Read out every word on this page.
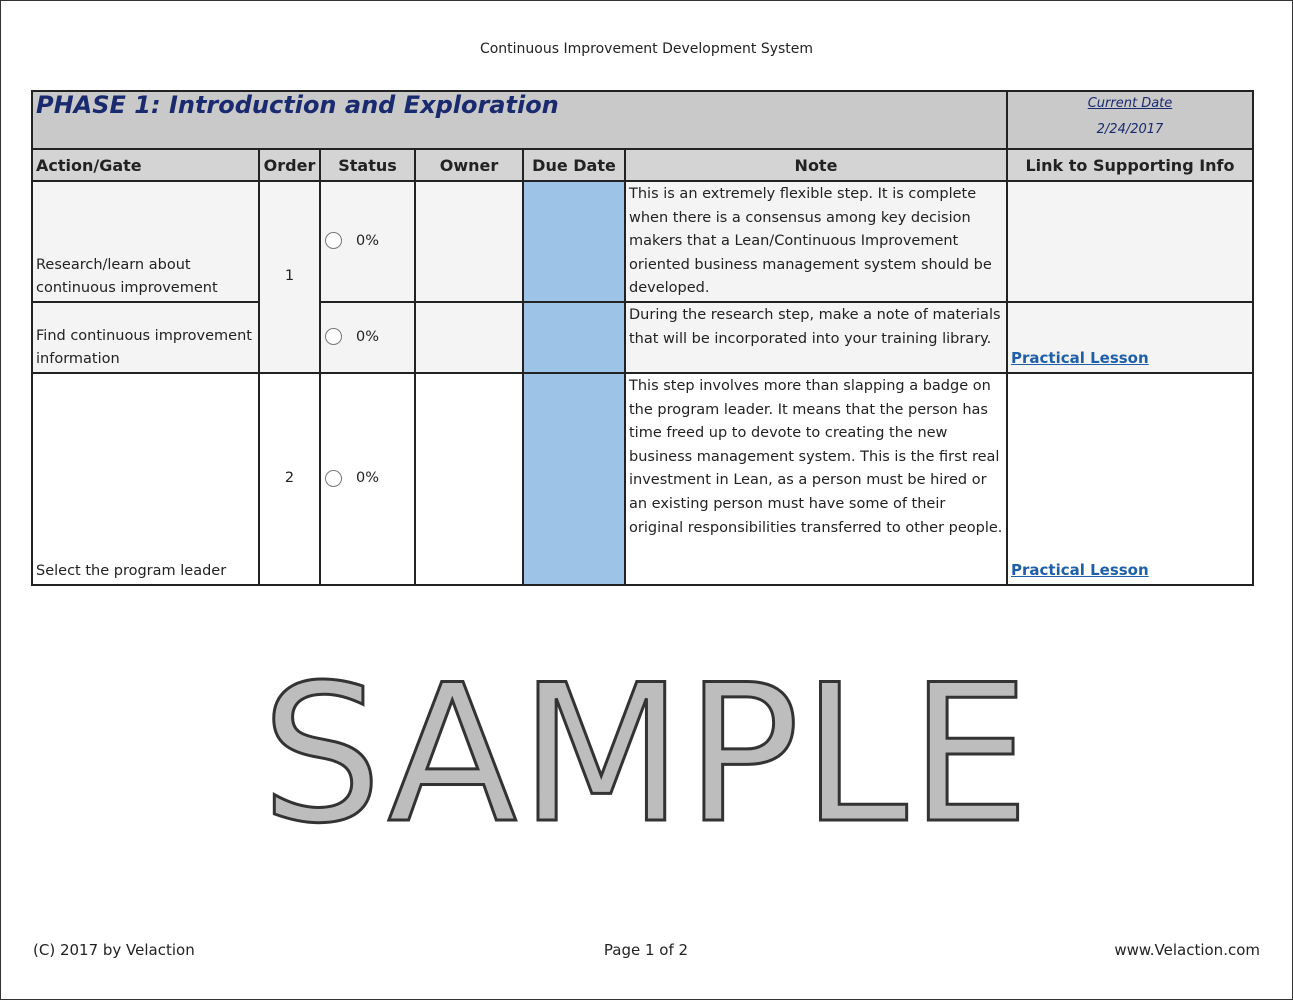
Continuous Improvement Development System
PHASE 1: Introduction and Exploration						Current Date
2/24/2017

Action/Gate	Order	Status	Owner	Due Date	Note	Link to Supporting Info
Research/learn about continuous improvement	1	0%			This is an extremely flexible step. It is complete when there is a consensus among key decision makers that a Lean/Continuous Improvement oriented business management system should be developed.	
Find continuous improvement information		0%			During the research step, make a note of materials that will be incorporated into your training library.	Practical Lesson
Select the program leader	2	0%			This step involves more than slapping a badge on the program leader. It means that the person has time freed up to devote to creating the new business management system. This is the first real investment in Lean, as a person must be hired or an existing person must have some of their original responsibilities transferred to other people.	Practical Lesson
SAMPLE
(C) 2017 by Velaction	Page 1 of 2	www.Velaction.com
